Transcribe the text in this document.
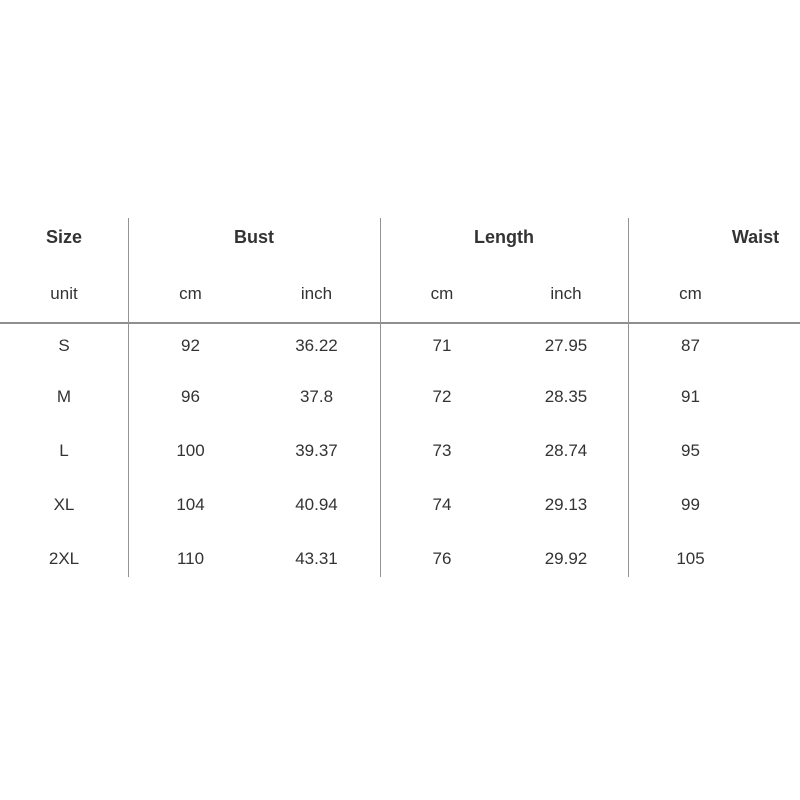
Size	Bust		Length		Waist	
unit	cm	inch	cm	inch	cm	
S	92	36.22	71	27.95	87	
M	96	37.8	72	28.35	91	
L	100	39.37	73	28.74	95	
XL	104	40.94	74	29.13	99	
2XL	110	43.31	76	29.92	105	
